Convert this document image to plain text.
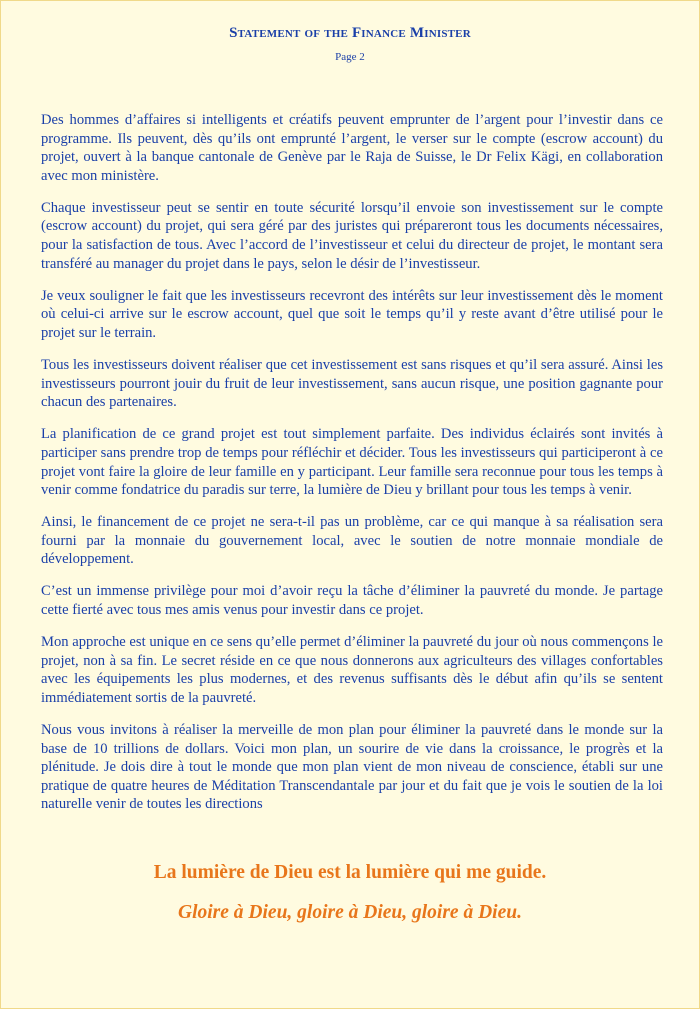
Statement of the Finance Minister
Page 2

Des hommes d’affaires si intelligents et créatifs peuvent emprunter de l’argent pour l’investir dans ce programme. Ils peuvent, dès qu’ils ont emprunté l’argent, le verser sur le compte (escrow account) du projet, ouvert à la banque cantonale de Genève par le Raja de Suisse, le Dr Felix Kägi, en collaboration avec mon ministère.

Chaque investisseur peut se sentir en toute sécurité lorsqu’il envoie son investissement sur le compte (escrow account) du projet, qui sera géré par des juristes qui prépareront tous les documents nécessaires, pour la satisfaction de tous. Avec l’accord de l’investisseur et celui du directeur de projet, le montant sera transféré au manager du projet dans le pays, selon le désir de l’investisseur.

Je veux souligner le fait que les investisseurs recevront des intérêts sur leur investissement dès le moment où celui-ci arrive sur le escrow account, quel que soit le temps qu’il y reste avant d’être utilisé pour le projet sur le terrain.

Tous les investisseurs doivent réaliser que cet investissement est sans risques et qu’il sera assuré. Ainsi les investisseurs pourront jouir du fruit de leur investissement, sans aucun risque, une position gagnante pour chacun des partenaires.

La planification de ce grand projet est tout simplement parfaite. Des individus éclairés sont invités à participer sans prendre trop de temps pour réfléchir et décider. Tous les investisseurs qui participeront à ce projet vont faire la gloire de leur famille en y participant. Leur famille sera reconnue pour tous les temps à venir comme fondatrice du paradis sur terre, la lumière de Dieu y brillant pour tous les temps à venir.

Ainsi, le financement de ce projet ne sera-t-il pas un problème, car ce qui manque à sa réalisation sera fourni par la monnaie du gouvernement local, avec le soutien de notre monnaie mondiale de développement.

C’est un immense privilège pour moi d’avoir reçu la tâche d’éliminer la pauvreté du monde. Je partage cette fierté avec tous mes amis venus pour investir dans ce projet.

Mon approche est unique en ce sens qu’elle permet d’éliminer la pauvreté du jour où nous commençons le projet, non à sa fin. Le secret réside en ce que nous donnerons aux agriculteurs des villages confortables avec les équipements les plus modernes, et des revenus suffisants dès le début afin qu’ils se sentent immédiatement sortis de la pauvreté.

Nous vous invitons à réaliser la merveille de mon plan pour éliminer la pauvreté dans le monde sur la base de 10 trillions de dollars. Voici mon plan, un sourire de vie dans la croissance, le progrès et la plénitude. Je dois dire à tout le monde que mon plan vient de mon niveau de conscience, établi sur une pratique de quatre heures de Méditation Transcendantale par jour et du fait que je vois le soutien de la loi naturelle venir de toutes les directions

La lumière de Dieu est la lumière qui me guide.
Gloire à Dieu, gloire à Dieu, gloire à Dieu.
